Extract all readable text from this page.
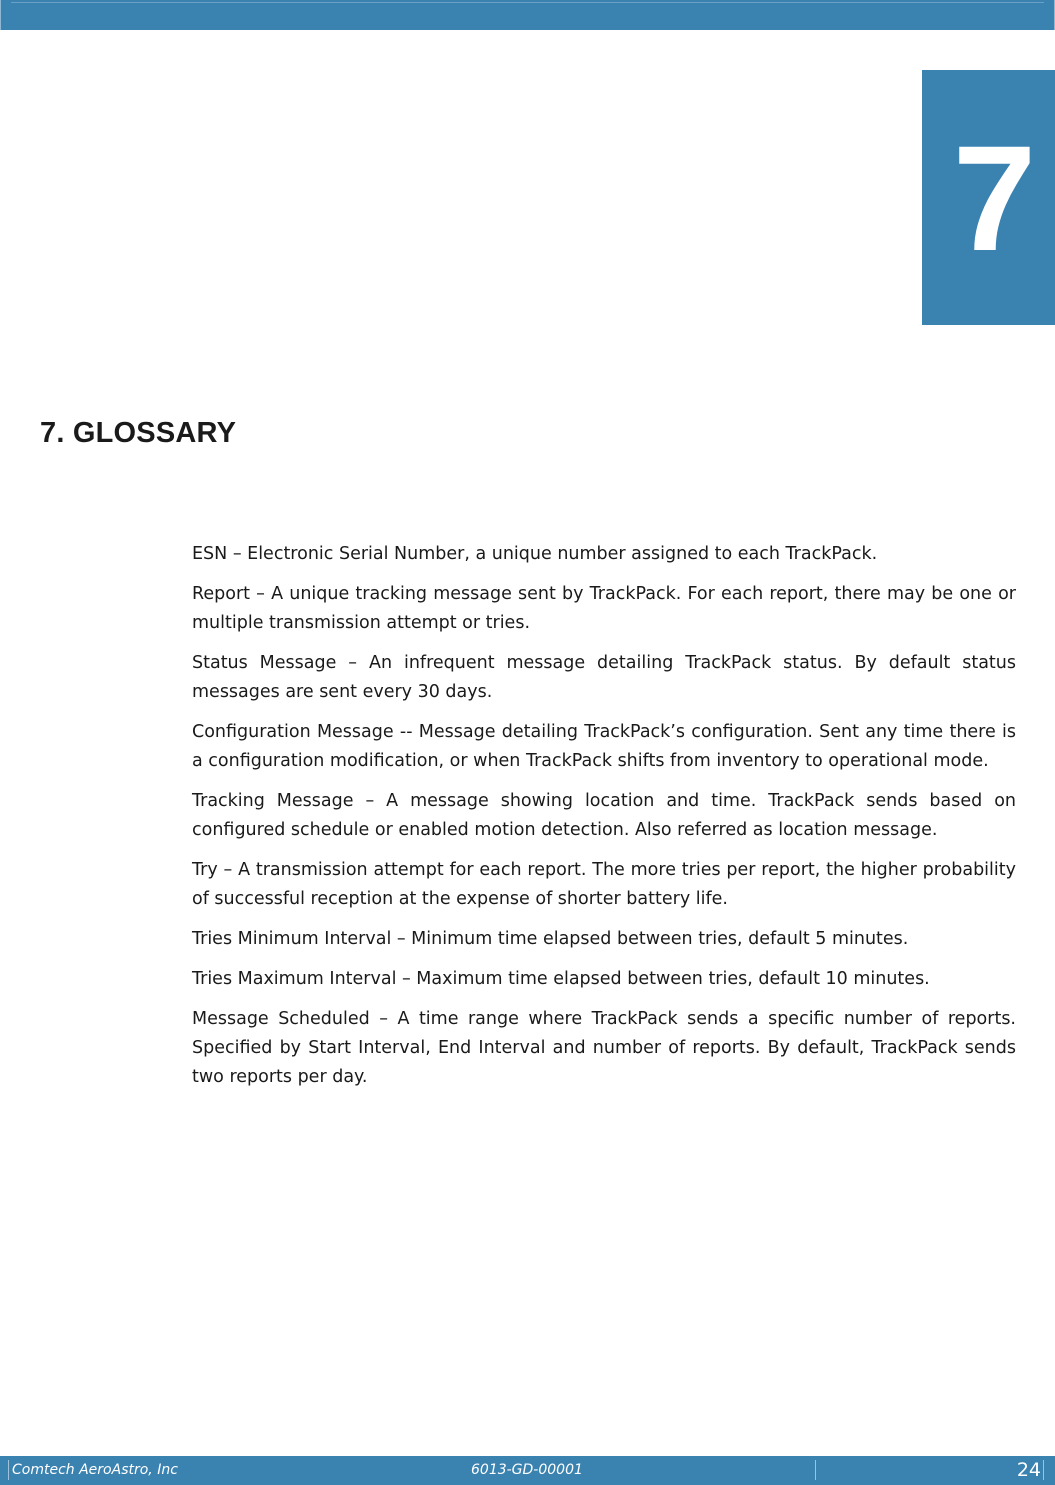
7
7. GLOSSARY

ESN – Electronic Serial Number, a unique number assigned to each TrackPack.

Report – A unique tracking message sent by TrackPack. For each report, there may be one or multiple transmission attempt or tries.

Status Message – An infrequent message detailing TrackPack status. By default status messages are sent every 30 days.

Configuration Message -- Message detailing TrackPack’s configuration. Sent any time there is a configuration modification, or when TrackPack shifts from inventory to operational mode.

Tracking Message – A message showing location and time. TrackPack sends based on configured schedule or enabled motion detection. Also referred as location message.

Try – A transmission attempt for each report. The more tries per report, the higher probability of successful reception at the expense of shorter battery life.

Tries Minimum Interval – Minimum time elapsed between tries, default 5 minutes.

Tries Maximum Interval – Maximum time elapsed between tries, default 10 minutes.

Message Scheduled – A time range where TrackPack sends a specific number of reports. Specified by Start Interval, End Interval and number of reports. By default, TrackPack sends two reports per day.

Comtech AeroAstro, Inc	6013-GD-00001	24
